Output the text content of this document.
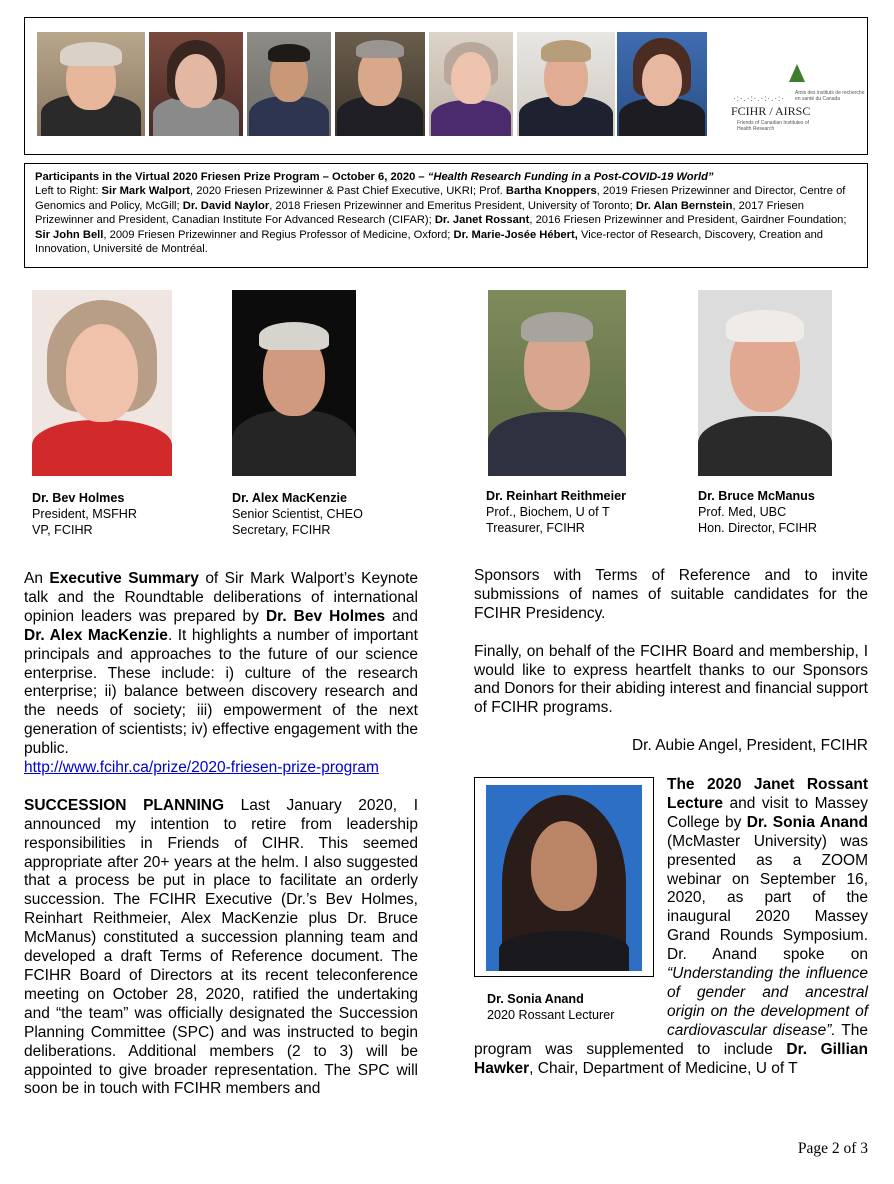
·:·.·:·.·:·.·:·
FCIHR / AIRSC
Amis des instituts de recherche en santé du Canada
Friends of Canadian Institutes of Health Research
Participants in the Virtual 2020 Friesen Prize Program – October 6, 2020 – “Health Research Funding in a Post-COVID-19 World”
Left to Right: Sir Mark Walport, 2020 Friesen Prizewinner & Past Chief Executive, UKRI; Prof. Bartha Knoppers, 2019 Friesen Prizewinner and Director, Centre of Genomics and Policy, McGill; Dr. David Naylor, 2018 Friesen Prizewinner and Emeritus President, University of Toronto; Dr. Alan Bernstein, 2017 Friesen Prizewinner and President, Canadian Institute For Advanced Research (CIFAR); Dr. Janet Rossant, 2016 Friesen Prizewinner and President, Gairdner Foundation; Sir John Bell, 2009 Friesen Prizewinner and Regius Professor of Medicine, Oxford; Dr. Marie-Josée Hébert, Vice-rector of Research, Discovery, Creation and Innovation, Université de Montréal.
Dr. Bev Holmes
President, MSFHR
VP, FCIHR
Dr. Alex MacKenzie
Senior Scientist, CHEO
Secretary, FCIHR
Dr. Reinhart Reithmeier
Prof., Biochem, U of T
Treasurer, FCIHR
Dr. Bruce McManus
Prof. Med, UBC
Hon. Director, FCIHR

An Executive Summary of Sir Mark Walport’s Keynote talk and the Roundtable deliberations of international opinion leaders was prepared by Dr. Bev Holmes and Dr. Alex MacKenzie. It highlights a number of important principals and approaches to the future of our science enterprise. These include: i) culture of the research enterprise; ii) balance between discovery research and the needs of society; iii) empowerment of the next generation of scientists; iv) effective engagement with the public.
http://www.fcihr.ca/prize/2020-friesen-prize-program

SUCCESSION PLANNING Last January 2020, I announced my intention to retire from leadership responsibilities in Friends of CIHR. This seemed appropriate after 20+ years at the helm. I also suggested that a process be put in place to facilitate an orderly succession. The FCIHR Executive (Dr.’s Bev Holmes, Reinhart Reithmeier, Alex MacKenzie plus Dr. Bruce McManus) constituted a succession planning team and developed a draft Terms of Reference document. The FCIHR Board of Directors at its recent teleconference meeting on October 28, 2020, ratified the undertaking and “the team” was officially designated the Succession Planning Committee (SPC) and was instructed to begin deliberations. Additional members (2 to 3) will be appointed to give broader representation. The SPC will soon be in touch with FCIHR members and

Sponsors with Terms of Reference and to invite submissions of names of suitable candidates for the FCIHR Presidency.

Finally, on behalf of the FCIHR Board and membership, I would like to express heartfelt thanks to our Sponsors and Donors for their abiding interest and financial support of FCIHR programs.

Dr. Aubie Angel, President, FCIHR

Dr. Sonia Anand
2020 Rossant Lecturer
The 2020 Janet Rossant Lecture and visit to Massey College by Dr. Sonia Anand (McMaster University) was presented as a ZOOM webinar on September 16, 2020, as part of the inaugural 2020 Massey Grand Rounds Symposium. Dr. Anand spoke on “Understanding the influence of gender and ancestral origin on the development of cardiovascular disease”. The program was supplemented to include Dr. Gillian Hawker, Chair, Department of Medicine, U of T
Page 2 of 3
